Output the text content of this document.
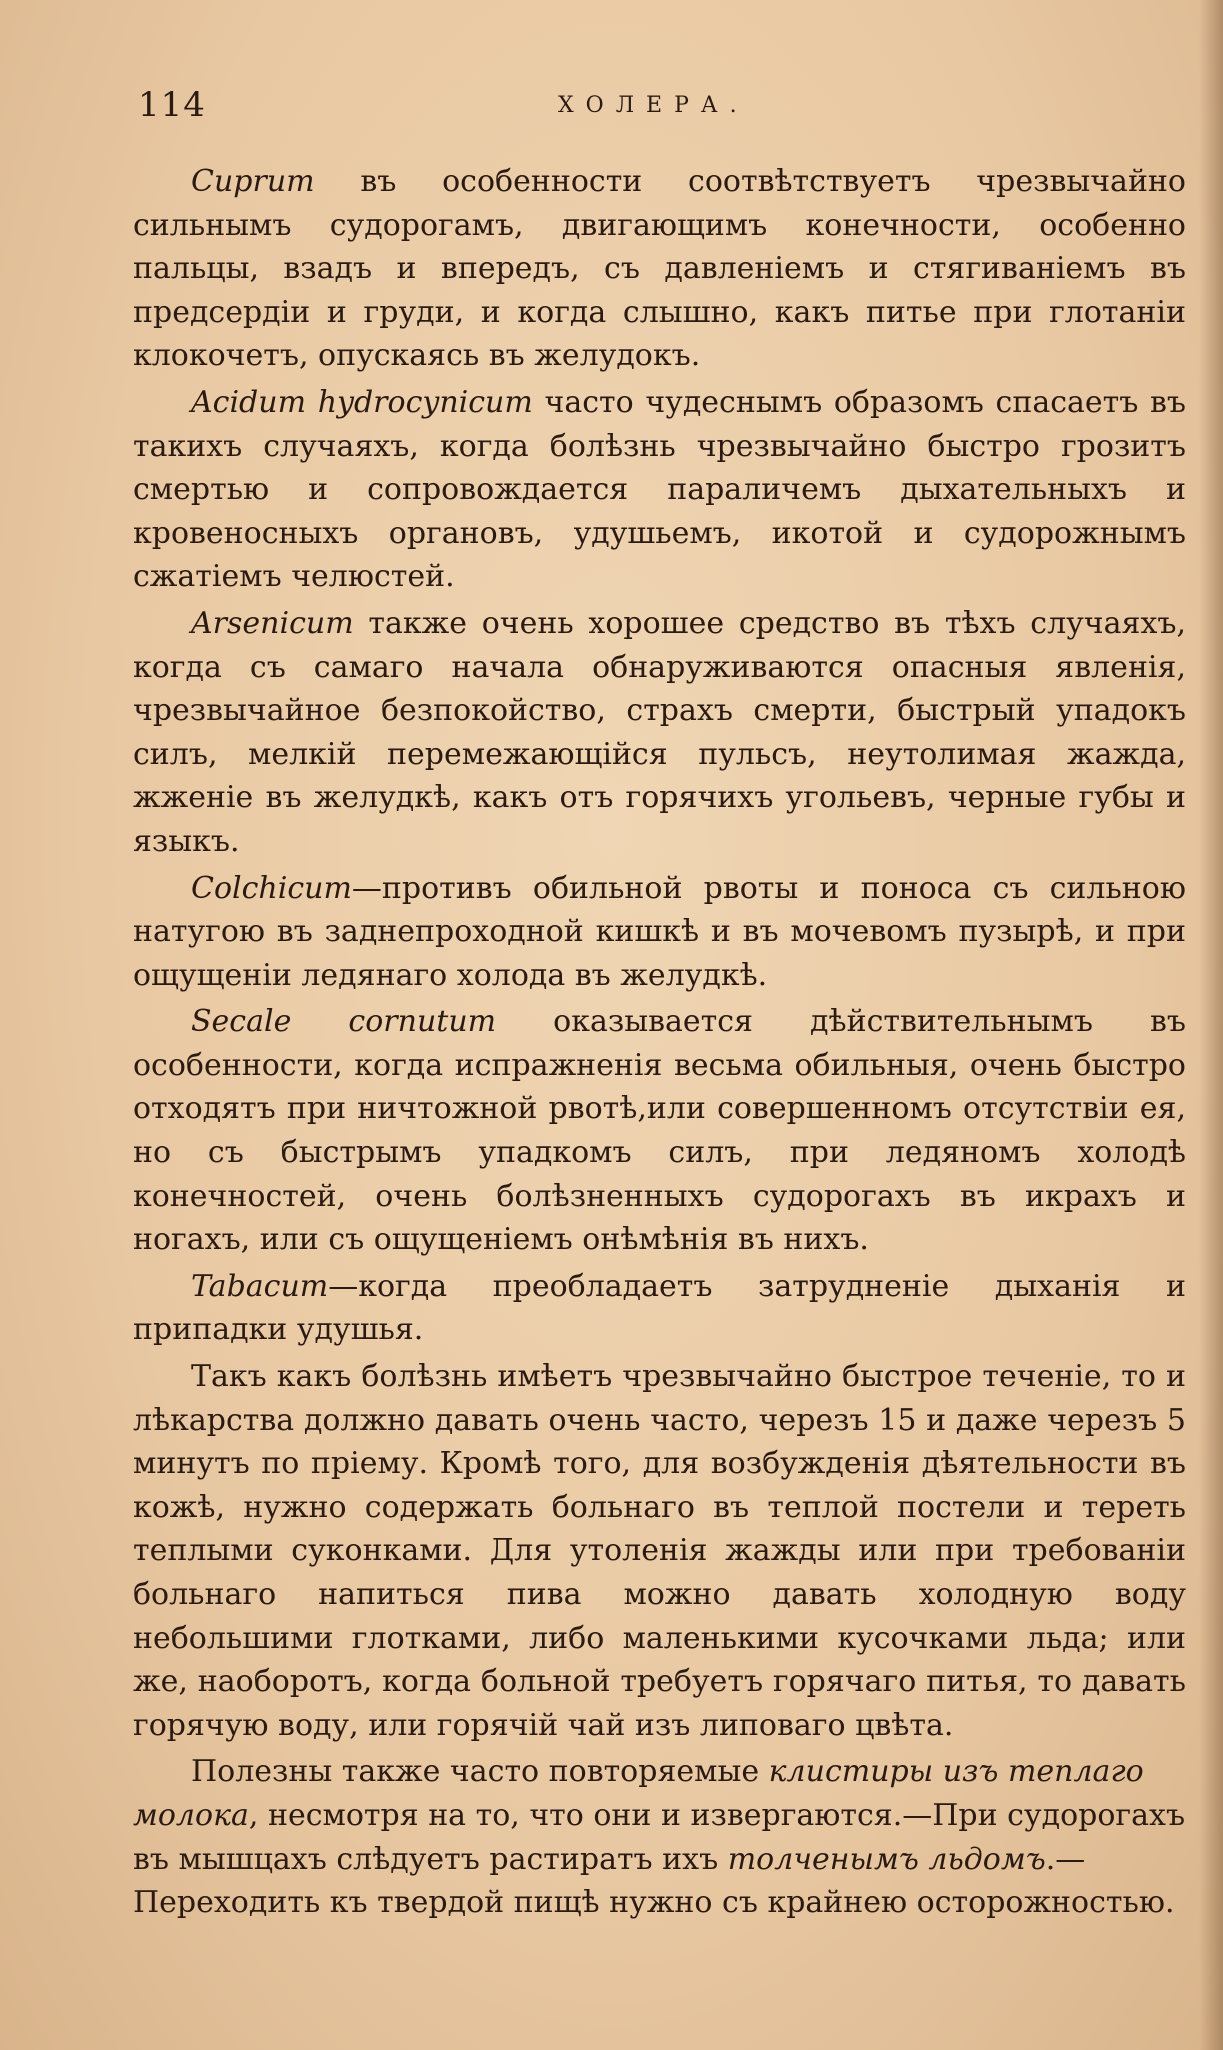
114	ХОЛЕРА.

Cuprum въ особенности соотвѣтствуетъ чрезвычайно сильнымъ судорогамъ, двигающимъ конечности, особенно пальцы, взадъ и впередъ, съ давленіемъ и стягиваніемъ въ предсердіи и груди, и когда слышно, какъ питье при глотаніи клокочетъ, опускаясь въ желудокъ.

Acidum hydrocynicum часто чудеснымъ образомъ спасаетъ въ такихъ случаяхъ, когда болѣзнь чрезвычайно быстро грозитъ смертью и сопровождается параличемъ дыхательныхъ и кровеносныхъ органовъ, удушьемъ, икотой и судорожнымъ сжатіемъ челюстей.

Arsenicum также очень хорошее средство въ тѣхъ случаяхъ, когда съ самаго начала обнаруживаются опасныя явленія, чрезвычайное безпокойство, страхъ смерти, быстрый упадокъ силъ, мелкій перемежающійся пульсъ, неутолимая жажда, жженіе въ желудкѣ, какъ отъ горячихъ угольевъ, черные губы и языкъ.

Colchicum—противъ обильной рвоты и поноса съ сильною натугою въ заднепроходной кишкѣ и въ мочевомъ пузырѣ, и при ощущеніи ледянаго холода въ желудкѣ.

Secale cornutum оказывается дѣйствительнымъ въ особенности, когда испражненія весьма обильныя, очень быстро отходятъ при ничтожной рвотѣ,или совершенномъ отсутствіи ея, но съ быстрымъ упадкомъ силъ, при ледяномъ холодѣ конечностей, очень болѣзненныхъ судорогахъ въ икрахъ и ногахъ, или съ ощущеніемъ онѣмѣнія въ нихъ.

Tabacum—когда преобладаетъ затрудненіе дыханія и припадки удушья.

Такъ какъ болѣзнь имѣетъ чрезвычайно быстрое теченіе, то и лѣкарства должно давать очень часто, черезъ 15 и даже черезъ 5 минутъ по пріему. Кромѣ того, для возбужденія дѣятельности въ кожѣ, нужно содержать больнаго въ теплой постели и тереть теплыми суконками. Для утоленія жажды или при требованіи больнаго напиться пива можно давать холодную воду небольшими глотками, либо маленькими кусочками льда; или же, наоборотъ, когда больной требуетъ горячаго питья, то давать горячую воду, или горячій чай изъ липоваго цвѣта.

Полезны также часто повторяемые клистиры изъ теплаго молока, несмотря на то, что они и извергаются.—При судорогахъ въ мышцахъ слѣдуетъ растиратъ ихъ толченымъ льдомъ.—Переходить къ твердой пищѣ нужно съ крайнею осторожностью.
